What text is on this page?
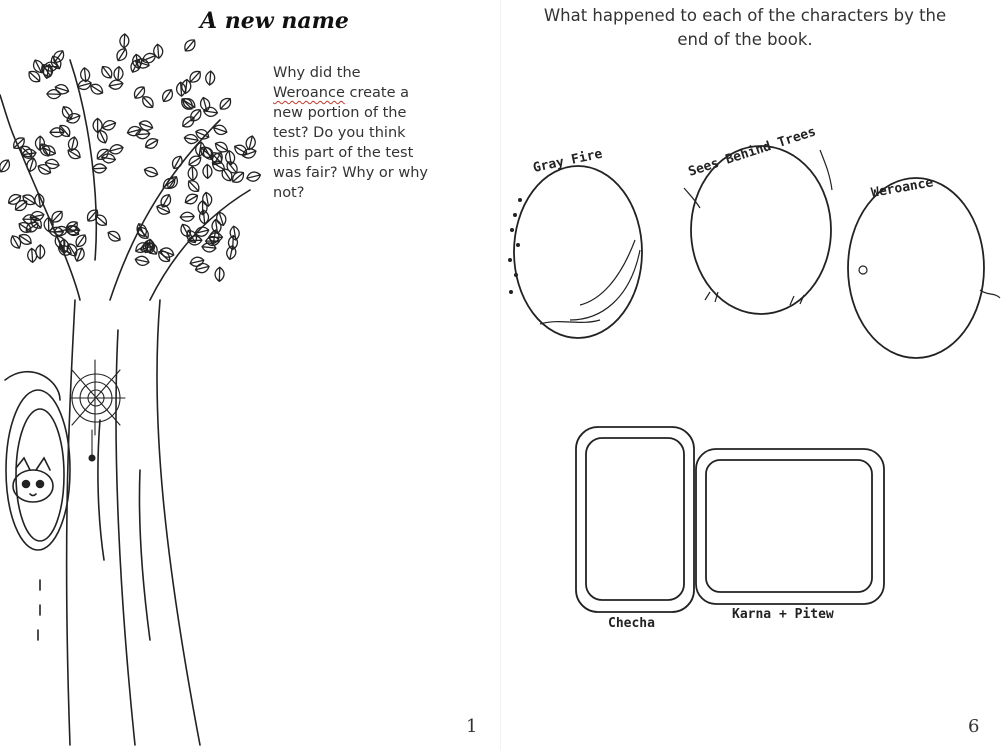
Gray Fire	Sees Behind Trees
Weroance
Checha
Karna + Pitew
A new name
Why did the Weroance create a new portion of the test? Do you think this part of the test was fair? Why or why not?
What happened to each of the characters by the end of the book.
1	6
